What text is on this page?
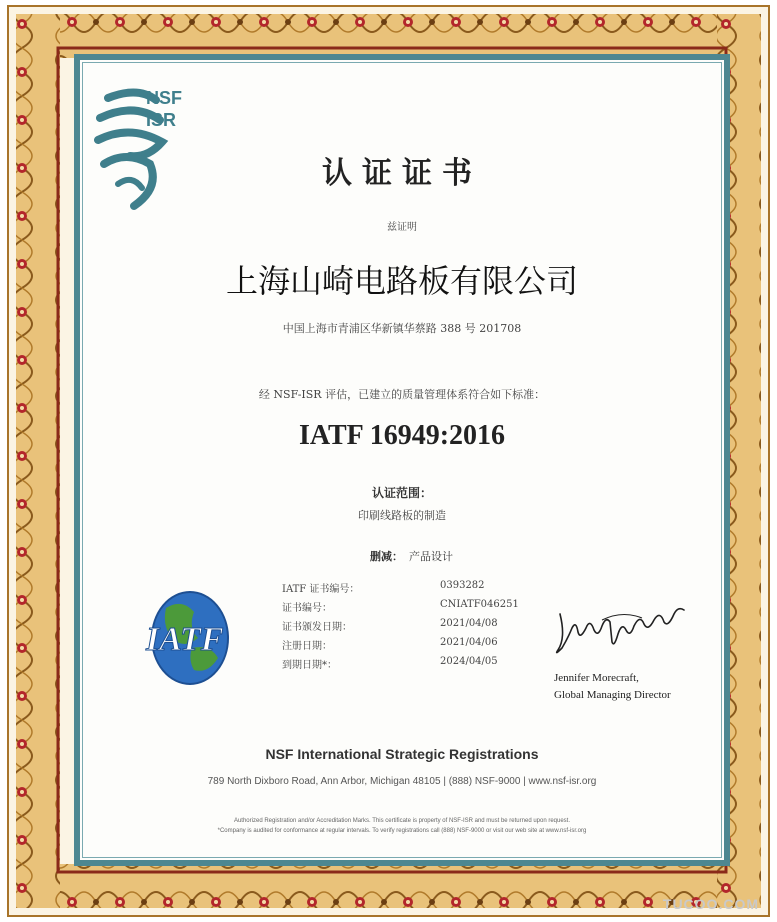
NSF
ISR
认证证书
兹证明
上海山崎电路板有限公司
中国上海市青浦区华新镇华蔡路 388 号 201708
经 NSF-ISR 评估，已建立的质量管理体系符合如下标准：
IATF 16949:2016
认证范围：
印刷线路板的制造
删减： 产品设计
IATF
IATF 证书编号：	0393282
证书编号：	CNIATF046251
证书颁发日期：	2021/04/08
注册日期：	2021/04/06
到期日期*：	2024/04/05
Jennifer Morecraft,
Global Managing Director
NSF International Strategic Registrations
789 North Dixboro Road, Ann Arbor, Michigan 48105 | (888) NSF-9000 | www.nsf-isr.org
Authorized Registration and/or Accreditation Marks. This certificate is property of NSF-ISR and must be returned upon request.
*Company is audited for conformance at regular intervals. To verify registrations call (888) NSF-9000 or visit our web site at www.nsf-isr.org
TUCOO.COM
